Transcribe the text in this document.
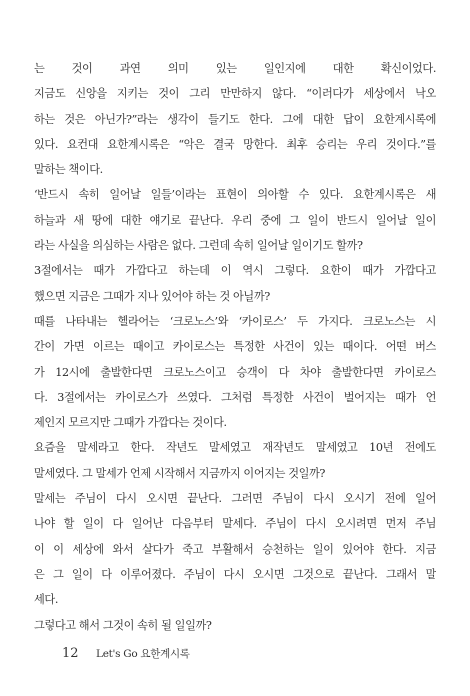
는 것이 과연 의미 있는 일인지에 대한 확신이었다.
지금도 신앙을 지키는 것이 그리 만만하지 않다. “이러다가 세상에서 낙오
하는 것은 아닌가?”라는 생각이 들기도 한다. 그에 대한 답이 요한계시록에
있다. 요컨대 요한계시록은 “악은 결국 망한다. 최후 승리는 우리 것이다.”를
말하는 책이다.
‘반드시 속히 일어날 일들’이라는 표현이 의아할 수 있다. 요한계시록은 새
하늘과 새 땅에 대한 얘기로 끝난다. 우리 중에 그 일이 반드시 일어날 일이
라는 사실을 의심하는 사람은 없다. 그런데 속히 일어날 일이기도 할까?
3절에서는 때가 가깝다고 하는데 이 역시 그렇다. 요한이 때가 가깝다고
했으면 지금은 그때가 지나 있어야 하는 것 아닐까?
때를 나타내는 헬라어는 ‘크로노스’와 ‘카이로스’ 두 가지다. 크로노스는 시
간이 가면 이르는 때이고 카이로스는 특정한 사건이 있는 때이다. 어떤 버스
가 12시에 출발한다면 크로노스이고 승객이 다 차야 출발한다면 카이로스
다. 3절에서는 카이로스가 쓰였다. 그처럼 특정한 사건이 벌어지는 때가 언
제인지 모르지만 그때가 가깝다는 것이다.
요즘을 말세라고 한다. 작년도 말세였고 재작년도 말세였고 10년 전에도
말세였다. 그 말세가 언제 시작해서 지금까지 이어지는 것일까?
말세는 주님이 다시 오시면 끝난다. 그러면 주님이 다시 오시기 전에 일어
나야 할 일이 다 일어난 다음부터 말세다. 주님이 다시 오시려면 먼저 주님
이 이 세상에 와서 살다가 죽고 부활해서 승천하는 일이 있어야 한다. 지금
은 그 일이 다 이루어졌다. 주님이 다시 오시면 그것으로 끝난다. 그래서 말
세다.
그렇다고 해서 그것이 속히 될 일일까?
12 Let's Go 요한계시록
